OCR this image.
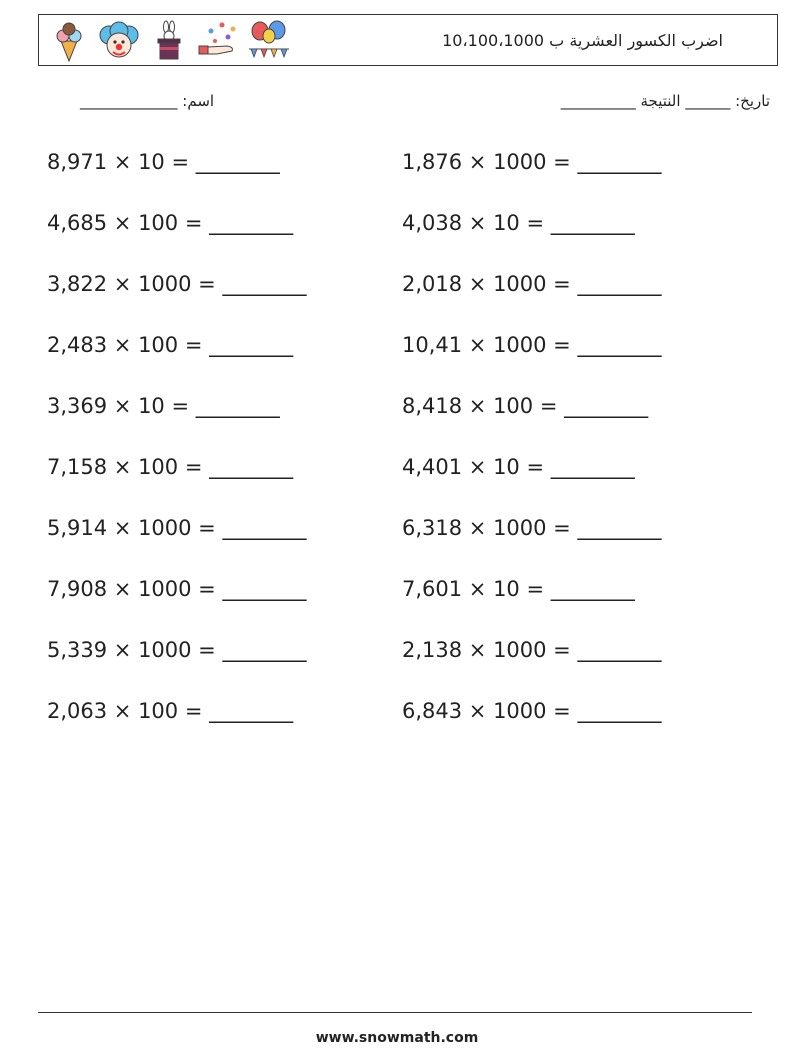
اضرب الكسور العشرية ب 10،100،1000
اسم: _____________	تاريخ: ______ النتيجة __________
8,971 × 10 = ________
4,685 × 100 = ________
3,822 × 1000 = ________
2,483 × 100 = ________
3,369 × 10 = ________
7,158 × 100 = ________
5,914 × 1000 = ________
7,908 × 1000 = ________
5,339 × 1000 = ________
2,063 × 100 = ________
1,876 × 1000 = ________
4,038 × 10 = ________
2,018 × 1000 = ________
10,41 × 1000 = ________
8,418 × 100 = ________
4,401 × 10 = ________
6,318 × 1000 = ________
7,601 × 10 = ________
2,138 × 1000 = ________
6,843 × 1000 = ________
www.snowmath.com
